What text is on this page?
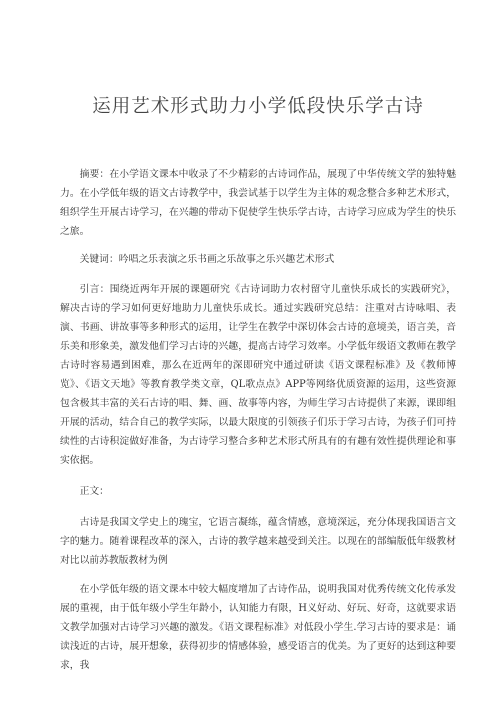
运用艺术形式助力小学低段快乐学古诗

摘要：在小学语文课本中收录了不少精彩的古诗词作品，展现了中华传统文学的独特魅力。在小学低年级的语文古诗教学中，我尝试基于以学生为主体的观念整合多种艺术形式，组织学生开展古诗学习，在兴趣的带动下促使学生快乐学古诗，古诗学习应成为学生的快乐之旅。

关键词：吟唱之乐表演之乐书画之乐故事之乐兴趣艺术形式

引言：围绕近两年开展的课题研究《古诗词助力农村留守儿童快乐成长的实践研究》，解决古诗的学习如何更好地助力儿童快乐成长。通过实践研究总结：注重对古诗咏唱、表演、书画、讲故事等多种形式的运用，让学生在教学中深切体会古诗的意境美，语言美，音乐美和形象美，激发他们学习古诗的兴趣，提高古诗学习效率。小学低年级语文教师在教学古诗时容易遇到困难，那么在近两年的深即研究中通过研读《语文课程标准》及《教师博览》、《语文天地》等教育教学类文章，QL歌点点》APP等网络优质资源的运用，这些资源包含极其丰富的关石古诗的唱、舞、画、故事等内容，为师生学习古诗提供了来源，课即组开展的活动，结合自己的教学实际，以最大限度的引领孩子们乐于学习古诗，为孩子们可持续性的古诗积淀做好准备，为古诗学习整合多种艺术形式所具有的有趣有效性提供理论和事实依据。

正文：

古诗是我国文学史上的瑰宝，它语言凝练，蕴含情感，意境深远，充分体现我国语言文字的魅力。随着课程改革的深入，古诗的教学越来越受到关注。以现在的部编版低年级教材对比以前苏教版教材为例

在小学低年级的语文课本中较大幅度增加了古诗作品，说明我国对优秀传统文化传承发展的重视，由于低年级小学生年龄小，认知能力有限，H义好动、好玩、好奇，这就要求语文教学加强对古诗学习兴趣的激发。《语文课程标准》对低段小学生.学习古诗的要求是：诵读浅近的古诗，展开想象，获得初步的情感体验，感受语言的优美。为了更好的达到这种要求，我
